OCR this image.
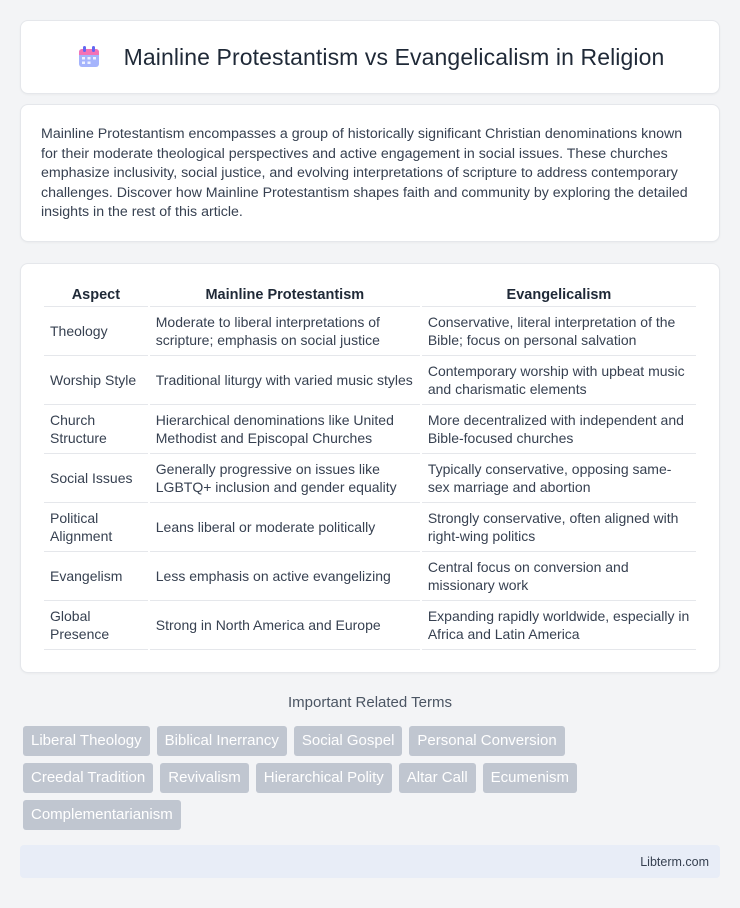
Mainline Protestantism vs Evangelicalism in Religion

Mainline Protestantism encompasses a group of historically significant Christian denominations known for their moderate theological perspectives and active engagement in social issues. These churches emphasize inclusivity, social justice, and evolving interpretations of scripture to address contemporary challenges. Discover how Mainline Protestantism shapes faith and community by exploring the detailed insights in the rest of this article.

Aspect	Mainline Protestantism	Evangelicalism
Theology	Moderate to liberal interpretations of scripture; emphasis on social justice	Conservative, literal interpretation of the Bible; focus on personal salvation
Worship Style	Traditional liturgy with varied music styles	Contemporary worship with upbeat music and charismatic elements
Church Structure	Hierarchical denominations like United Methodist and Episcopal Churches	More decentralized with independent and Bible-focused churches
Social Issues	Generally progressive on issues like LGBTQ+ inclusion and gender equality	Typically conservative, opposing same-sex marriage and abortion
Political Alignment	Leans liberal or moderate politically	Strongly conservative, often aligned with right-wing politics
Evangelism	Less emphasis on active evangelizing	Central focus on conversion and missionary work
Global Presence	Strong in North America and Europe	Expanding rapidly worldwide, especially in Africa and Latin America
Important Related Terms
Liberal Theology	Biblical Inerrancy	Social Gospel	Personal Conversion
Creedal Tradition	Revivalism	Hierarchical Polity	Altar Call	Ecumenism
Complementarianism
Libterm.com
